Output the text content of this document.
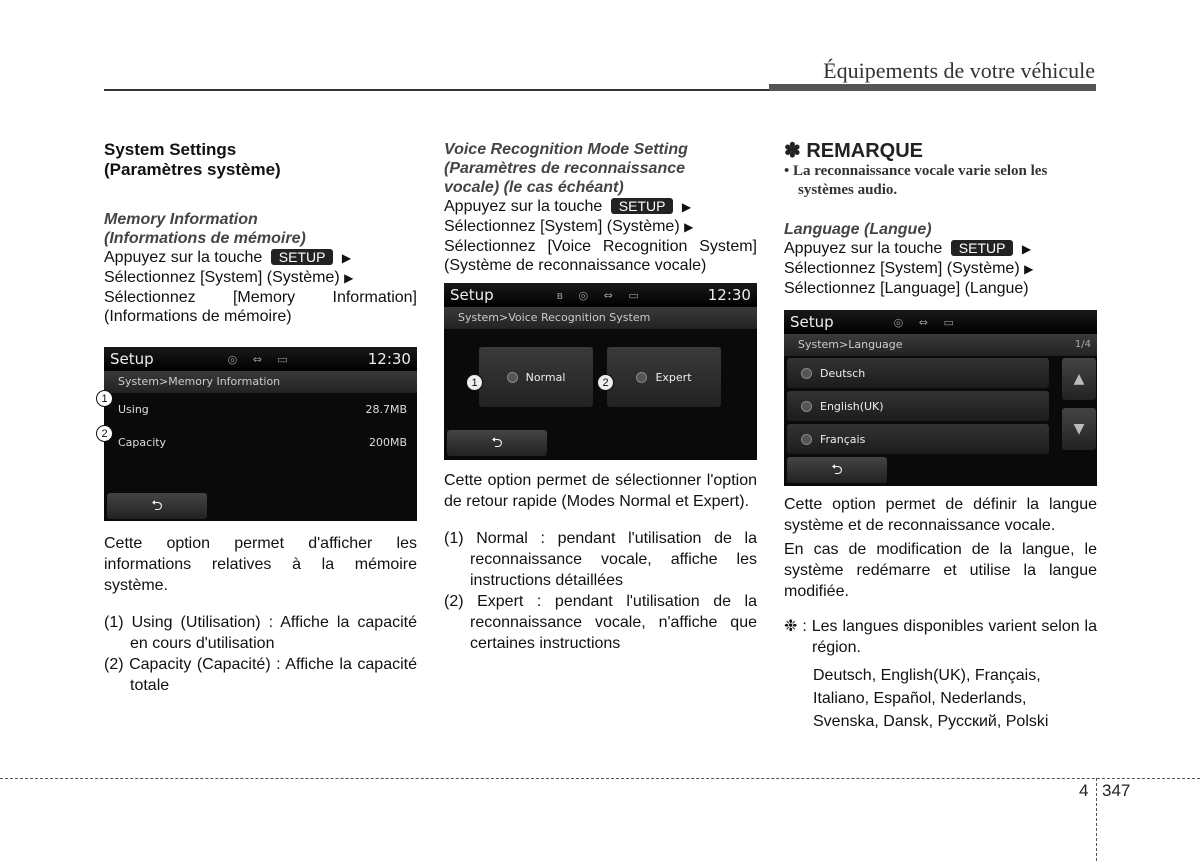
Équipements de votre véhicule

System Settings

(Paramètres système)

Memory Information

(Informations de mémoire)

Appuyez sur la touche SETUP ▶

Sélectionnez [System] (Système) ▶

Sélectionnez [Memory Information] (Informations de mémoire)

Setup	◎ ⇔ ▭	12:30
System>Memory Information
Using	28.7MB
Capacity	200MB
⮌

Cette option permet d'afficher les informations relatives à la mémoire système.

(1) Using (Utilisation) : Affiche la capacité en cours d'utilisation
(2) Capacity (Capacité) : Affiche la capacité totale
1
2

Voice Recognition Mode Setting

(Paramètres de reconnaissance

vocale) (le cas échéant)

Appuyez sur la touche SETUP ▶

Sélectionnez [System] (Système) ▶

Sélectionnez [Voice Recognition System] (Système de reconnaissance vocale)

Setup	ʙ ◎ ⇔ ▭	12:30
System>Voice Recognition System
Normal	Expert
⮌

Cette option permet de sélectionner l'option de retour rapide (Modes Normal et Expert).

(1) Normal : pendant l'utilisation de la reconnaissance vocale, affiche les instructions détaillées
(2) Expert : pendant l'utilisation de la reconnaissance vocale, n'affiche que certaines instructions
1	2

✽ REMARQUE

• La reconnaissance vocale varie selon les systèmes audio.

Language (Langue)

Appuyez sur la touche SETUP ▶

Sélectionnez [System] (Système) ▶

Sélectionnez [Language] (Langue)

Setup	◎ ⇔ ▭
System>Language	1/4
Deutsch
English(UK)
Français
▲
▼
⮌

Cette option permet de définir la langue système et de reconnaissance vocale.

En cas de modification de la langue, le système redémarre et utilise la langue modifiée.

❉ : Les langues disponibles varient selon la région.

Deutsch, English(UK), Français,
Italiano, Español, Nederlands,
Svenska, Dansk, Русский, Polski

4 347
